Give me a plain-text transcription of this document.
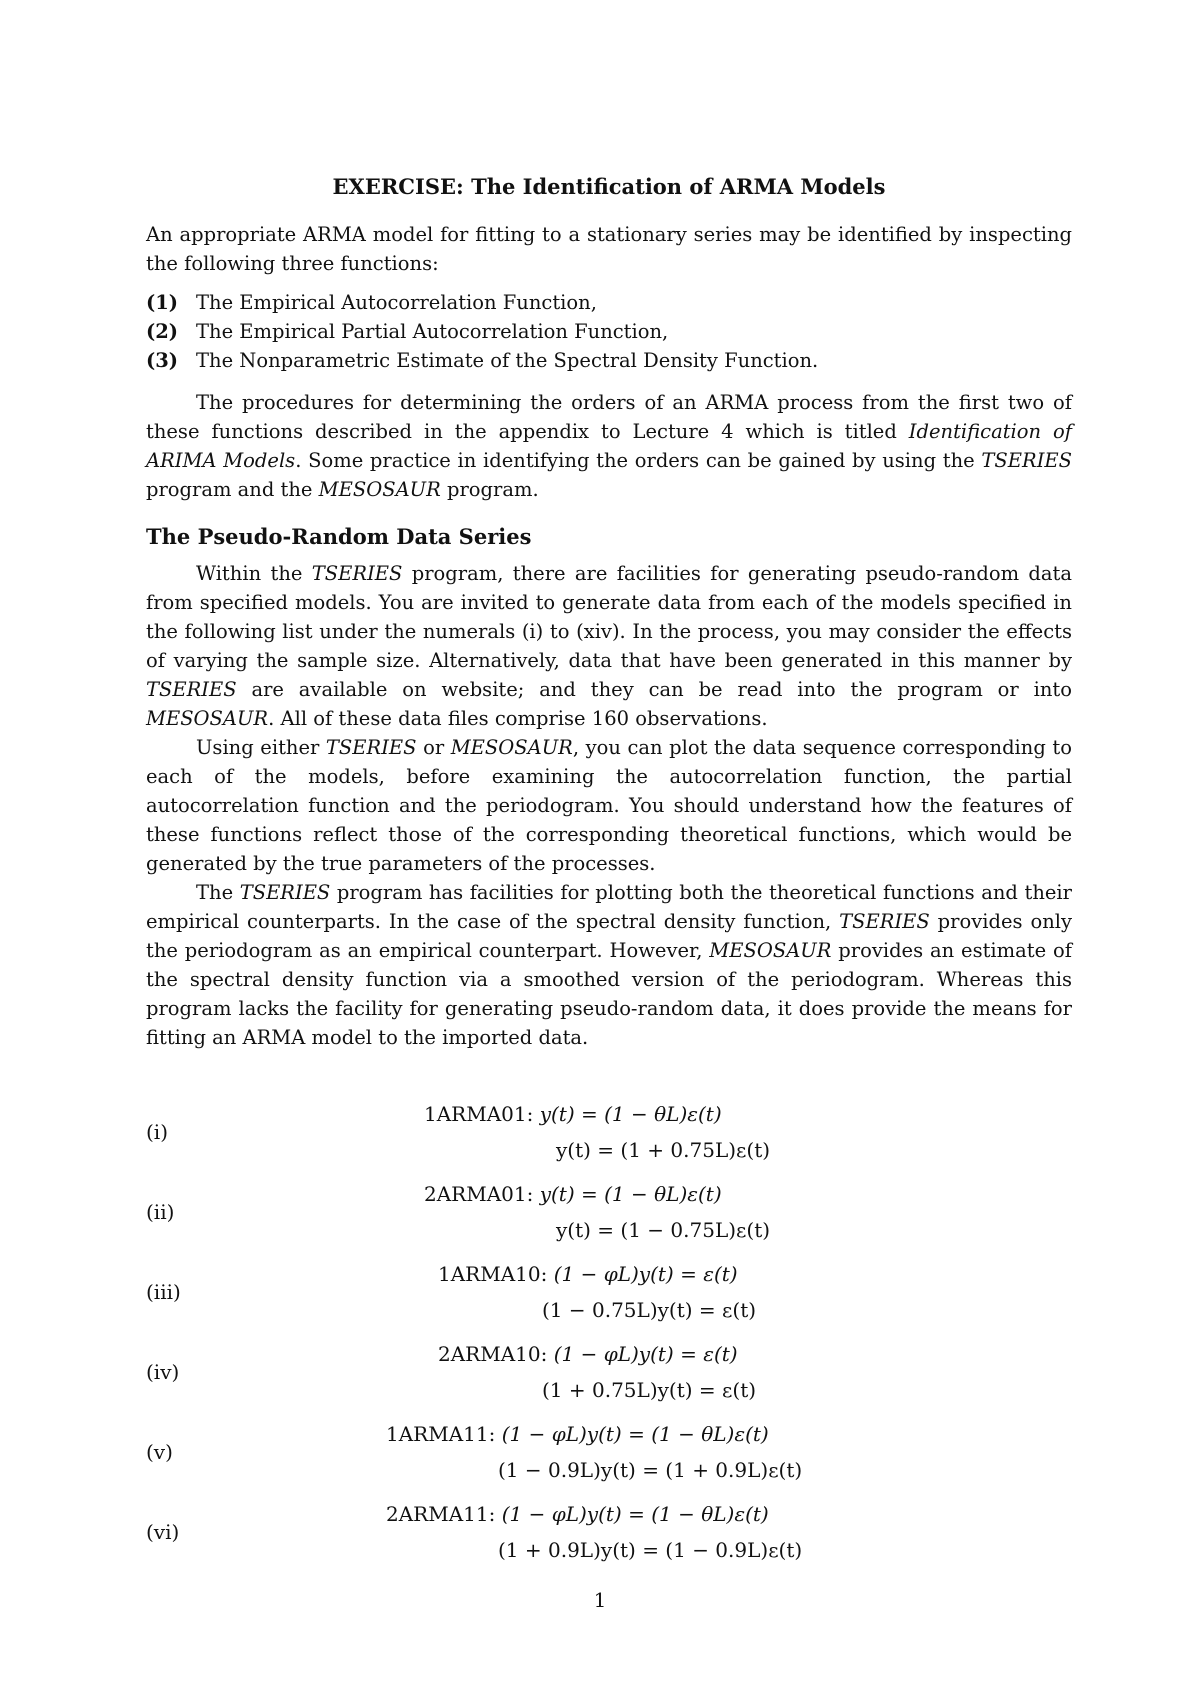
EXERCISE: The Identification of ARMA Models

An appropriate ARMA model for fitting to a stationary series may be identified by inspecting the following three functions:

(1) The Empirical Autocorrelation Function,
(2) The Empirical Partial Autocorrelation Function,
(3) The Nonparametric Estimate of the Spectral Density Function.

The procedures for determining the orders of an ARMA process from the first two of these functions described in the appendix to Lecture 4 which is titled Identification of ARIMA Models. Some practice in identifying the orders can be gained by using the TSERIES program and the MESOSAUR program.

The Pseudo-Random Data Series

Within the TSERIES program, there are facilities for generating pseudo-random data from specified models. You are invited to generate data from each of the models specified in the following list under the numerals (i) to (xiv). In the process, you may consider the effects of varying the sample size. Alternatively, data that have been generated in this manner by TSERIES are available on website; and they can be read into the program or into MESOSAUR. All of these data files comprise 160 observations.

Using either TSERIES or MESOSAUR, you can plot the data sequence corresponding to each of the models, before examining the autocorrelation function, the partial autocorrelation function and the periodogram. You should understand how the features of these functions reflect those of the corresponding theoretical functions, which would be generated by the true parameters of the processes.

The TSERIES program has facilities for plotting both the theoretical functions and their empirical counterparts. In the case of the spectral density function, TSERIES provides only the periodogram as an empirical counterpart. However, MESOSAUR provides an estimate of the spectral density function via a smoothed version of the periodogram. Whereas this program lacks the facility for generating pseudo-random data, it does provide the means for fitting an ARMA model to the imported data.

(i)
1ARMA01: y(t) = (1 − θL)ε(t)
y(t) = (1 + 0.75L)ε(t)
(ii)
2ARMA01: y(t) = (1 − θL)ε(t)
y(t) = (1 − 0.75L)ε(t)
(iii)
1ARMA10: (1 − φL)y(t) = ε(t)
(1 − 0.75L)y(t) = ε(t)
(iv)
2ARMA10: (1 − φL)y(t) = ε(t)
(1 + 0.75L)y(t) = ε(t)
(v)
1ARMA11: (1 − φL)y(t) = (1 − θL)ε(t)
(1 − 0.9L)y(t) = (1 + 0.9L)ε(t)
(vi)
2ARMA11: (1 − φL)y(t) = (1 − θL)ε(t)
(1 + 0.9L)y(t) = (1 − 0.9L)ε(t)
1
